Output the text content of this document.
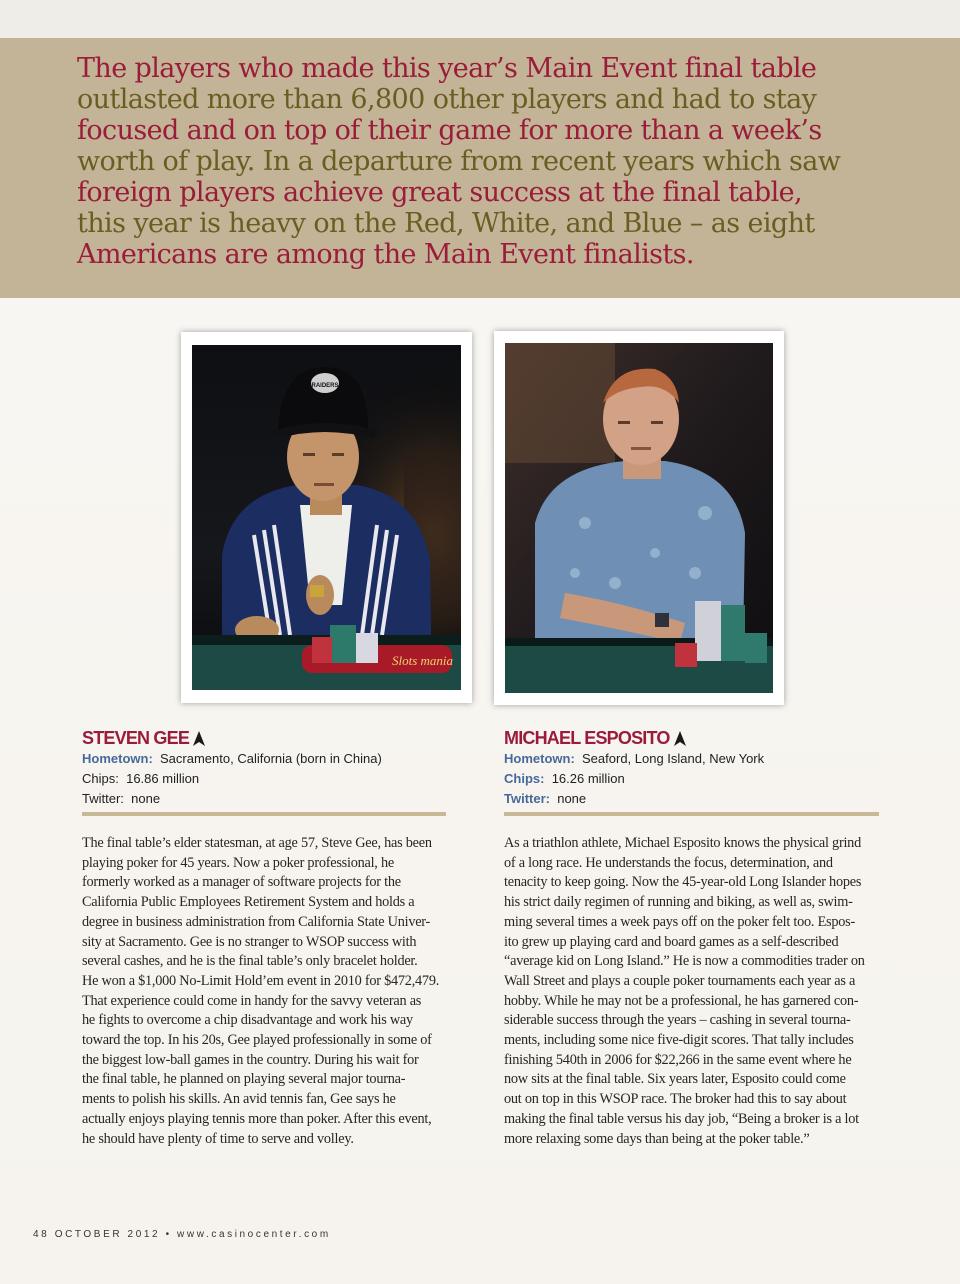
The players who made this year’s Main Event final table
outlasted more than 6,800 other players and had to stay
focused and on top of their game for more than a week’s
worth of play. In a departure from recent years which saw
foreign players achieve great success at the final table,
this year is heavy on the Red, White, and Blue – as eight
Americans are among the Main Event finalists.

RAIDERS
Slots mania
STEVEN GEE
Hometown: Sacramento, California (born in China)
Chips: 16.86 million
Twitter: none
MICHAEL ESPOSITO
Hometown: Seaford, Long Island, New York
Chips: 16.26 million
Twitter: none
The final table’s elder statesman, at age 57, Steve Gee, has been
playing poker for 45 years. Now a poker professional, he
formerly worked as a manager of software projects for the
California Public Employees Retirement System and holds a
degree in business administration from California State Univer-
sity at Sacramento. Gee is no stranger to WSOP success with
several cashes, and he is the final table’s only bracelet holder.
He won a $1,000 No-Limit Hold’em event in 2010 for $472,479.
That experience could come in handy for the savvy veteran as
he fights to overcome a chip disadvantage and work his way
toward the top. In his 20s, Gee played professionally in some of
the biggest low-ball games in the country. During his wait for
the final table, he planned on playing several major tourna-
ments to polish his skills. An avid tennis fan, Gee says he
actually enjoys playing tennis more than poker. After this event,
he should have plenty of time to serve and volley.
As a triathlon athlete, Michael Esposito knows the physical grind
of a long race. He understands the focus, determination, and
tenacity to keep going. Now the 45-year-old Long Islander hopes
his strict daily regimen of running and biking, as well as, swim-
ming several times a week pays off on the poker felt too. Espos-
ito grew up playing card and board games as a self-described
“average kid on Long Island.” He is now a commodities trader on
Wall Street and plays a couple poker tournaments each year as a
hobby. While he may not be a professional, he has garnered con-
siderable success through the years – cashing in several tourna-
ments, including some nice five-digit scores. That tally includes
finishing 540th in 2006 for $22,266 in the same event where he
now sits at the final table. Six years later, Esposito could come
out on top in this WSOP race. The broker had this to say about
making the final table versus his day job, “Being a broker is a lot
more relaxing some days than being at the poker table.”
48 OCTOBER 2012 • www.casinocenter.com
